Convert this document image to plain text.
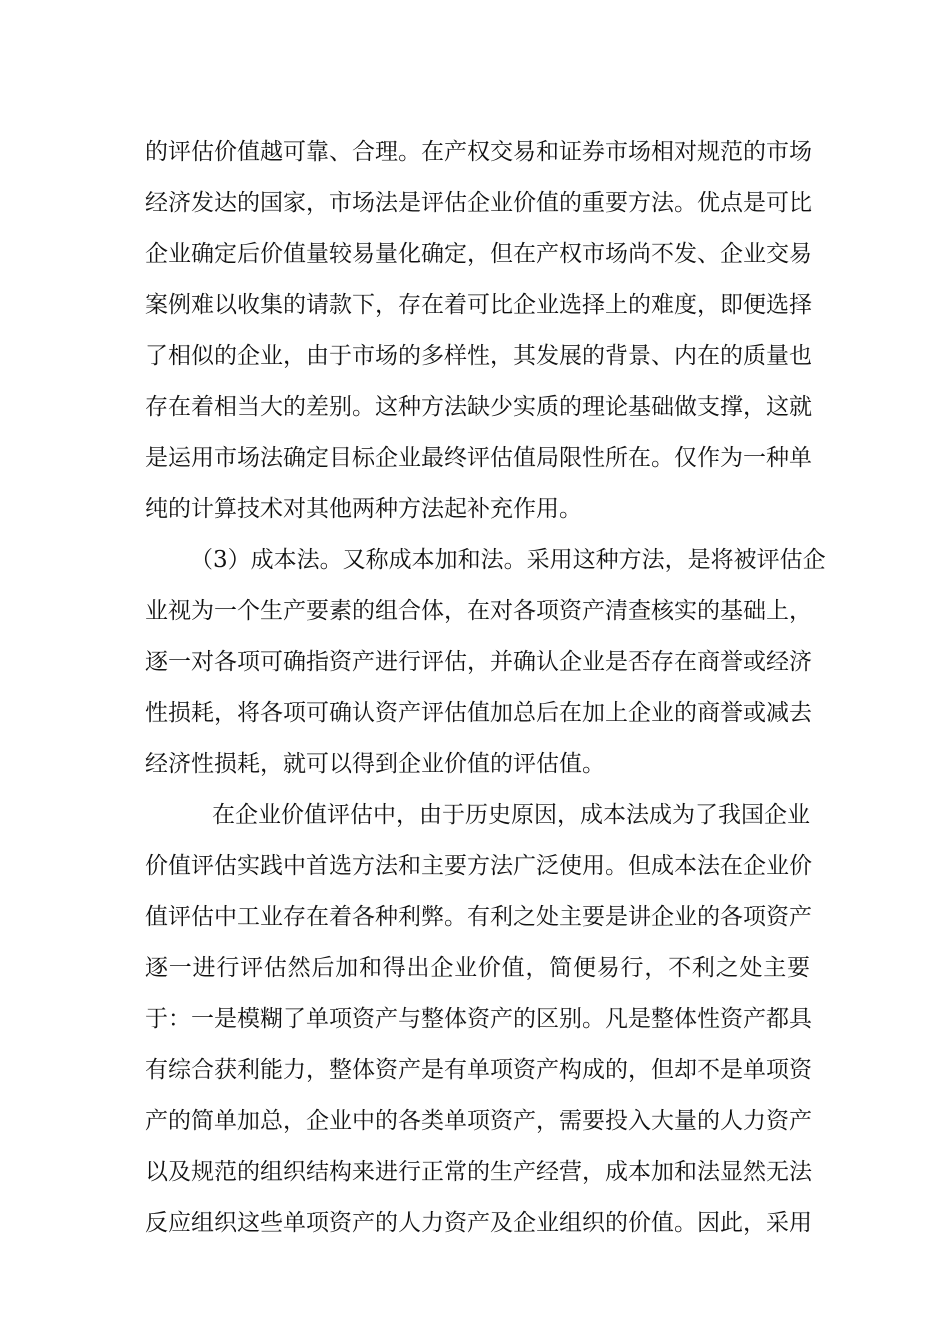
的评估价值越可靠、合理。在产权交易和证券市场相对规范的市场
经济发达的国家，市场法是评估企业价值的重要方法。优点是可比
企业确定后价值量较易量化确定，但在产权市场尚不发、企业交易
案例难以收集的请款下，存在着可比企业选择上的难度，即便选择
了相似的企业，由于市场的多样性，其发展的背景、内在的质量也
存在着相当大的差别。这种方法缺少实质的理论基础做支撑，这就
是运用市场法确定目标企业最终评估值局限性所在。仅作为一种单
纯的计算技术对其他两种方法起补充作用。
（3）成本法。又称成本加和法。采用这种方法，是将被评估企
业视为一个生产要素的组合体，在对各项资产清查核实的基础上，
逐一对各项可确指资产进行评估，并确认企业是否存在商誉或经济
性损耗，将各项可确认资产评估值加总后在加上企业的商誉或减去
经济性损耗，就可以得到企业价值的评估值。
在企业价值评估中，由于历史原因，成本法成为了我国企业
价值评估实践中首选方法和主要方法广泛使用。但成本法在企业价
值评估中工业存在着各种利弊。有利之处主要是讲企业的各项资产
逐一进行评估然后加和得出企业价值，简便易行，不利之处主要
于：一是模糊了单项资产与整体资产的区别。凡是整体性资产都具
有综合获利能力，整体资产是有单项资产构成的，但却不是单项资
产的简单加总，企业中的各类单项资产，需要投入大量的人力资产
以及规范的组织结构来进行正常的生产经营，成本加和法显然无法
反应组织这些单项资产的人力资产及企业组织的价值。因此，采用
